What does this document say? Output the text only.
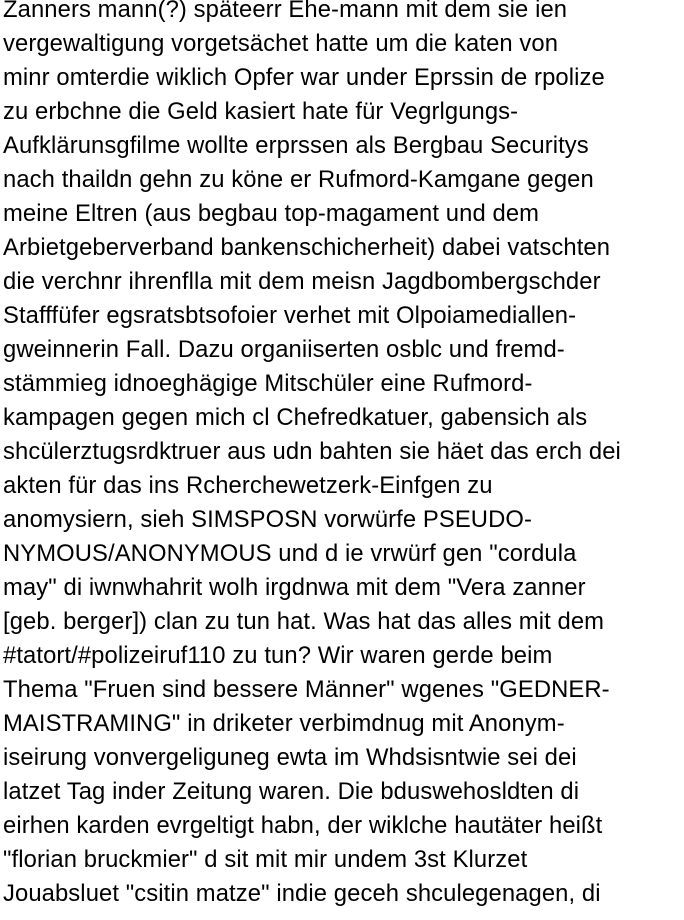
Zanners mann(?) späteerr Ehe-mann mit dem sie ien
vergewaltigung vorgetsächet hatte um die katen von
minr omterdie wiklich Opfer war under Eprssin de rpolize
zu erbchne die Geld kasiert hate für Vegrlgungs-
Aufklärunsgfilme wollte erprssen als Bergbau Securitys
nach thaildn gehn zu köne er Rufmord-Kamgane gegen
meine Eltren (aus begbau top-magament und dem
Arbietgeberverband bankenschicherheit) dabei vatschten
die verchnr ihrenflla mit dem meisn Jagdbombergschder
Stafffüfer egsratsbtsofoier verhet mit Olpoiamediallen-
gweinnerin Fall. Dazu organiiserten osblc und fremd-
stämmieg idnoeghägige Mitschüler eine Rufmord-
kampagen gegen mich cl Chefredkatuer, gabensich als
shcülerztugsrdktruer aus udn bahten sie häet das erch dei
akten für das ins Rcherchewetzerk-Einfgen zu
anomysiern, sieh SIMSPOSN vorwürfe PSEUDO-
NYMOUS/ANONYMOUS und d ie vrwürf gen "cordula
may" di iwnwhahrit wolh irgdnwa mit dem "Vera zanner
[geb. berger]) clan zu tun hat. Was hat das alles mit dem
#tatort/#polizeiruf110 zu tun? Wir waren gerde beim
Thema "Fruen sind bessere Männer" wgenes "GEDNER-
MAISTRAMING" in driketer verbimdnug mit Anonym-
iseirung vonvergeliguneg ewta im Whdsisntwie sei dei
latzet Tag inder Zeitung waren. Die bduswehosldten di
eirhen karden evrgeltigt habn, der wiklche hautäter heißt
"florian bruckmier" d sit mit mir undem 3st Klurzet
Jouabsluet "csitin matze" indie geceh shculegenagen, di
